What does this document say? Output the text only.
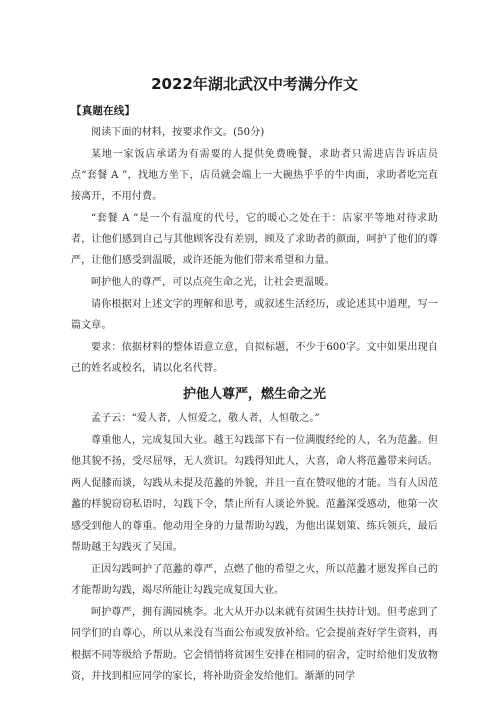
2022年湖北武汉中考满分作文

【真题在线】

阅读下面的材料，按要求作文。(50分)

某地一家饭店承诺为有需要的人提供免费晚餐，求助者只需进店告诉店员点“套餐 A ”，找地方坐下，店员就会端上一大碗热乎乎的牛肉面，求助者吃完直接离开，不用付费。

“套餐 A ”是一个有温度的代号，它的暖心之处在于：店家平等地对待求助者，让他们感到自己与其他顾客没有差别，顾及了求助者的颜面，呵护了他们的尊严，让他们感受到温暖，或许还能为他们带来希望和力量。

呵护他人的尊严，可以点亮生命之光，让社会更温暖。

请你根据对上述文字的理解和思考，或叙述生活经历，或论述其中道理，写一篇文章。

要求：依据材料的整体语意立意，自拟标题，不少于600字。文中如果出现自己的姓名或校名，请以化名代替。

护他人尊严，燃生命之光

孟子云：“爱人者，人恒爱之，敬人者，人恒敬之。”

尊重他人，完成复国大业。越王勾践部下有一位满腹经纶的人，名为范蠡。但他其貌不扬，受尽屈辱，无人赏识。勾践得知此人，大喜，命人将范蠡带来问话。两人促膝而谈，勾践从未提及范蠡的外貌，并且一直在赞叹他的才能。当有人因范蠡的样貌窃窃私语时，勾践下令，禁止所有人谈论外貌。范蠡深受感动，他第一次感受到他人的尊重。他动用全身的力量帮助勾践，为他出谋划策、练兵领兵，最后帮助越王勾践灭了吴国。

正因勾践呵护了范蠡的尊严，点燃了他的希望之火，所以范蠡才愿发挥自己的才能帮助勾践，竭尽所能让勾践完成复国大业。

呵护尊严，拥有满园桃李。北大从开办以来就有贫困生扶持计划。但考虑到了同学们的自尊心，所以从来没有当面公布或发放补给。它会提前查好学生资料，再根据不同等级给予帮助。它会悄悄将贫困生安排在相同的宿舍，定时给他们发放物资，并找到相应同学的家长，将补助资金发给他们。渐渐的同学
